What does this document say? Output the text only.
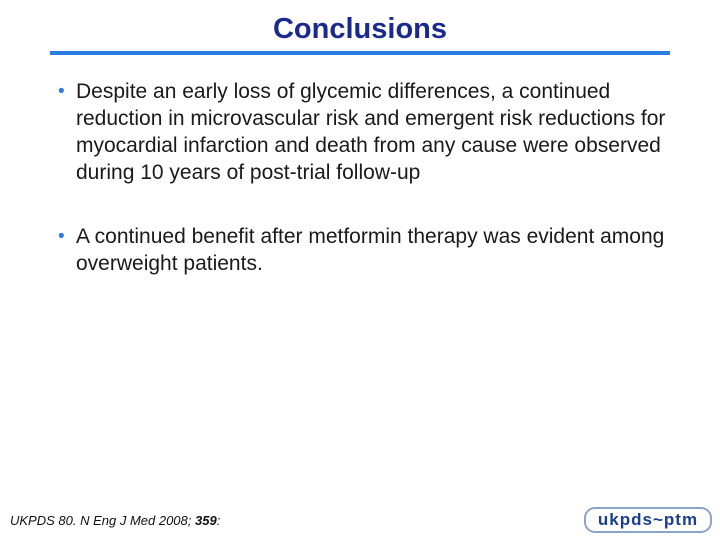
Conclusions
• Despite an early loss of glycemic differences, a continued reduction in microvascular risk and emergent risk reductions for myocardial infarction and death from any cause were observed during 10 years of post-trial follow-up
• A continued benefit after metformin therapy was evident among overweight patients.
UKPDS 80. N Eng J Med 2008; 359:	ukpds~ptm
